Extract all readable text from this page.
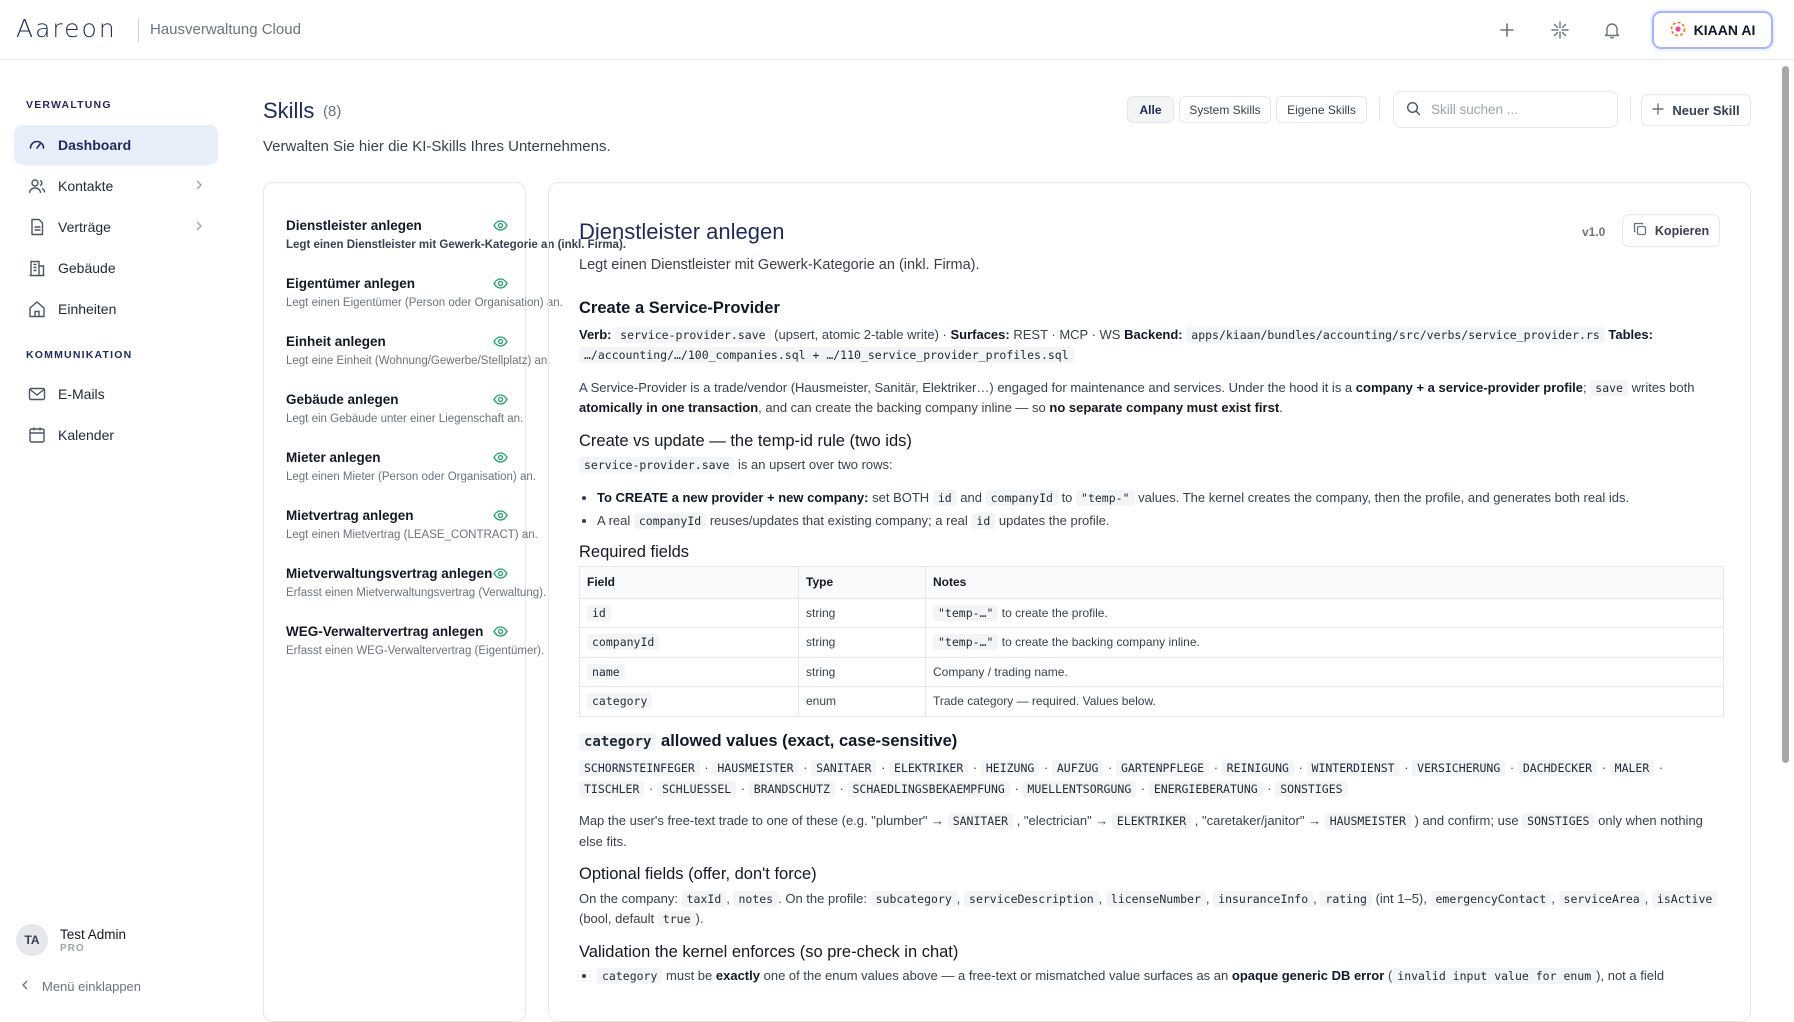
Aareon Hausverwaltung Cloud	KIAAN AI
VERWALTUNG
Dashboard
Kontakte
Verträge
Gebäude
Einheiten
KOMMUNIKATION
E-Mails
Kalender
TA	Test Admin
PRO
Menü einklappen
Skills (8)
Verwalten Sie hier die KI-Skills Ihres Unternehmens.
Alle	System Skills	Eigene Skills
Skill suchen ...	Neuer Skill
Dienstleister anlegen
Legt einen Dienstleister mit Gewerk-Kategorie an (inkl. Firma).
Eigentümer anlegen
Legt einen Eigentümer (Person oder Organisation) an.
Einheit anlegen
Legt eine Einheit (Wohnung/Gewerbe/Stellplatz) an.
Gebäude anlegen
Legt ein Gebäude unter einer Liegenschaft an.
Mieter anlegen
Legt einen Mieter (Person oder Organisation) an.
Mietvertrag anlegen
Legt einen Mietvertrag (LEASE_CONTRACT) an.
Mietverwaltungsvertrag anlegen
Erfasst einen Mietverwaltungsvertrag (Verwaltung).
WEG-Verwaltervertrag anlegen
Erfasst einen WEG-Verwaltervertrag (Eigentümer).
Dienstleister anlegen	v1.0	Kopieren
Legt einen Dienstleister mit Gewerk-Kategorie an (inkl. Firma).
Create a Service-Provider

Verb: service-provider.save (upsert, atomic 2-table write) · Surfaces: REST · MCP · WS Backend: apps/kiaan/bundles/accounting/src/verbs/service_provider.rs Tables: …/accounting/…/100_companies.sql + …/110_service_provider_profiles.sql

A Service-Provider is a trade/vendor (Hausmeister, Sanitär, Elektriker…) engaged for maintenance and services. Under the hood it is a company + a service-provider profile; save writes both atomically in one transaction, and can create the backing company inline — so no separate company must exist first.

Create vs update — the temp-id rule (two ids)

service-provider.save is an upsert over two rows:

• To CREATE a new provider + new company: set BOTH id and companyId to "temp-" values. The kernel creates the company, then the profile, and generates both real ids.
• A real companyId reuses/updates that existing company; a real id updates the profile.
Required fields
Field	Type	Notes
id	string	"temp-…" to create the profile.
companyId	string	"temp-…" to create the backing company inline.
name	string	Company / trading name.
category	enum	Trade category — required. Values below.
category allowed values (exact, case-sensitive)

SCHORNSTEINFEGER · HAUSMEISTER · SANITAER · ELEKTRIKER · HEIZUNG · AUFZUG · GARTENPFLEGE · REINIGUNG · WINTERDIENST · VERSICHERUNG · DACHDECKER · MALER · TISCHLER · SCHLUESSEL · BRANDSCHUTZ · SCHAEDLINGSBEKAEMPFUNG · MUELLENTSORGUNG · ENERGIEBERATUNG · SONSTIGES

Map the user's free-text trade to one of these (e.g. "plumber" → SANITAER , "electrician" → ELEKTRIKER , "caretaker/janitor" → HAUSMEISTER ) and confirm; use SONSTIGES only when nothing else fits.

Optional fields (offer, don't force)

On the company: taxId , notes . On the profile: subcategory , serviceDescription , licenseNumber , insuranceInfo , rating (int 1–5), emergencyContact , serviceArea , isActive (bool, default true ).

Validation the kernel enforces (so pre-check in chat)
• category must be exactly one of the enum values above — a free-text or mismatched value surfaces as an opaque generic DB error ( invalid input value for enum ), not a field
